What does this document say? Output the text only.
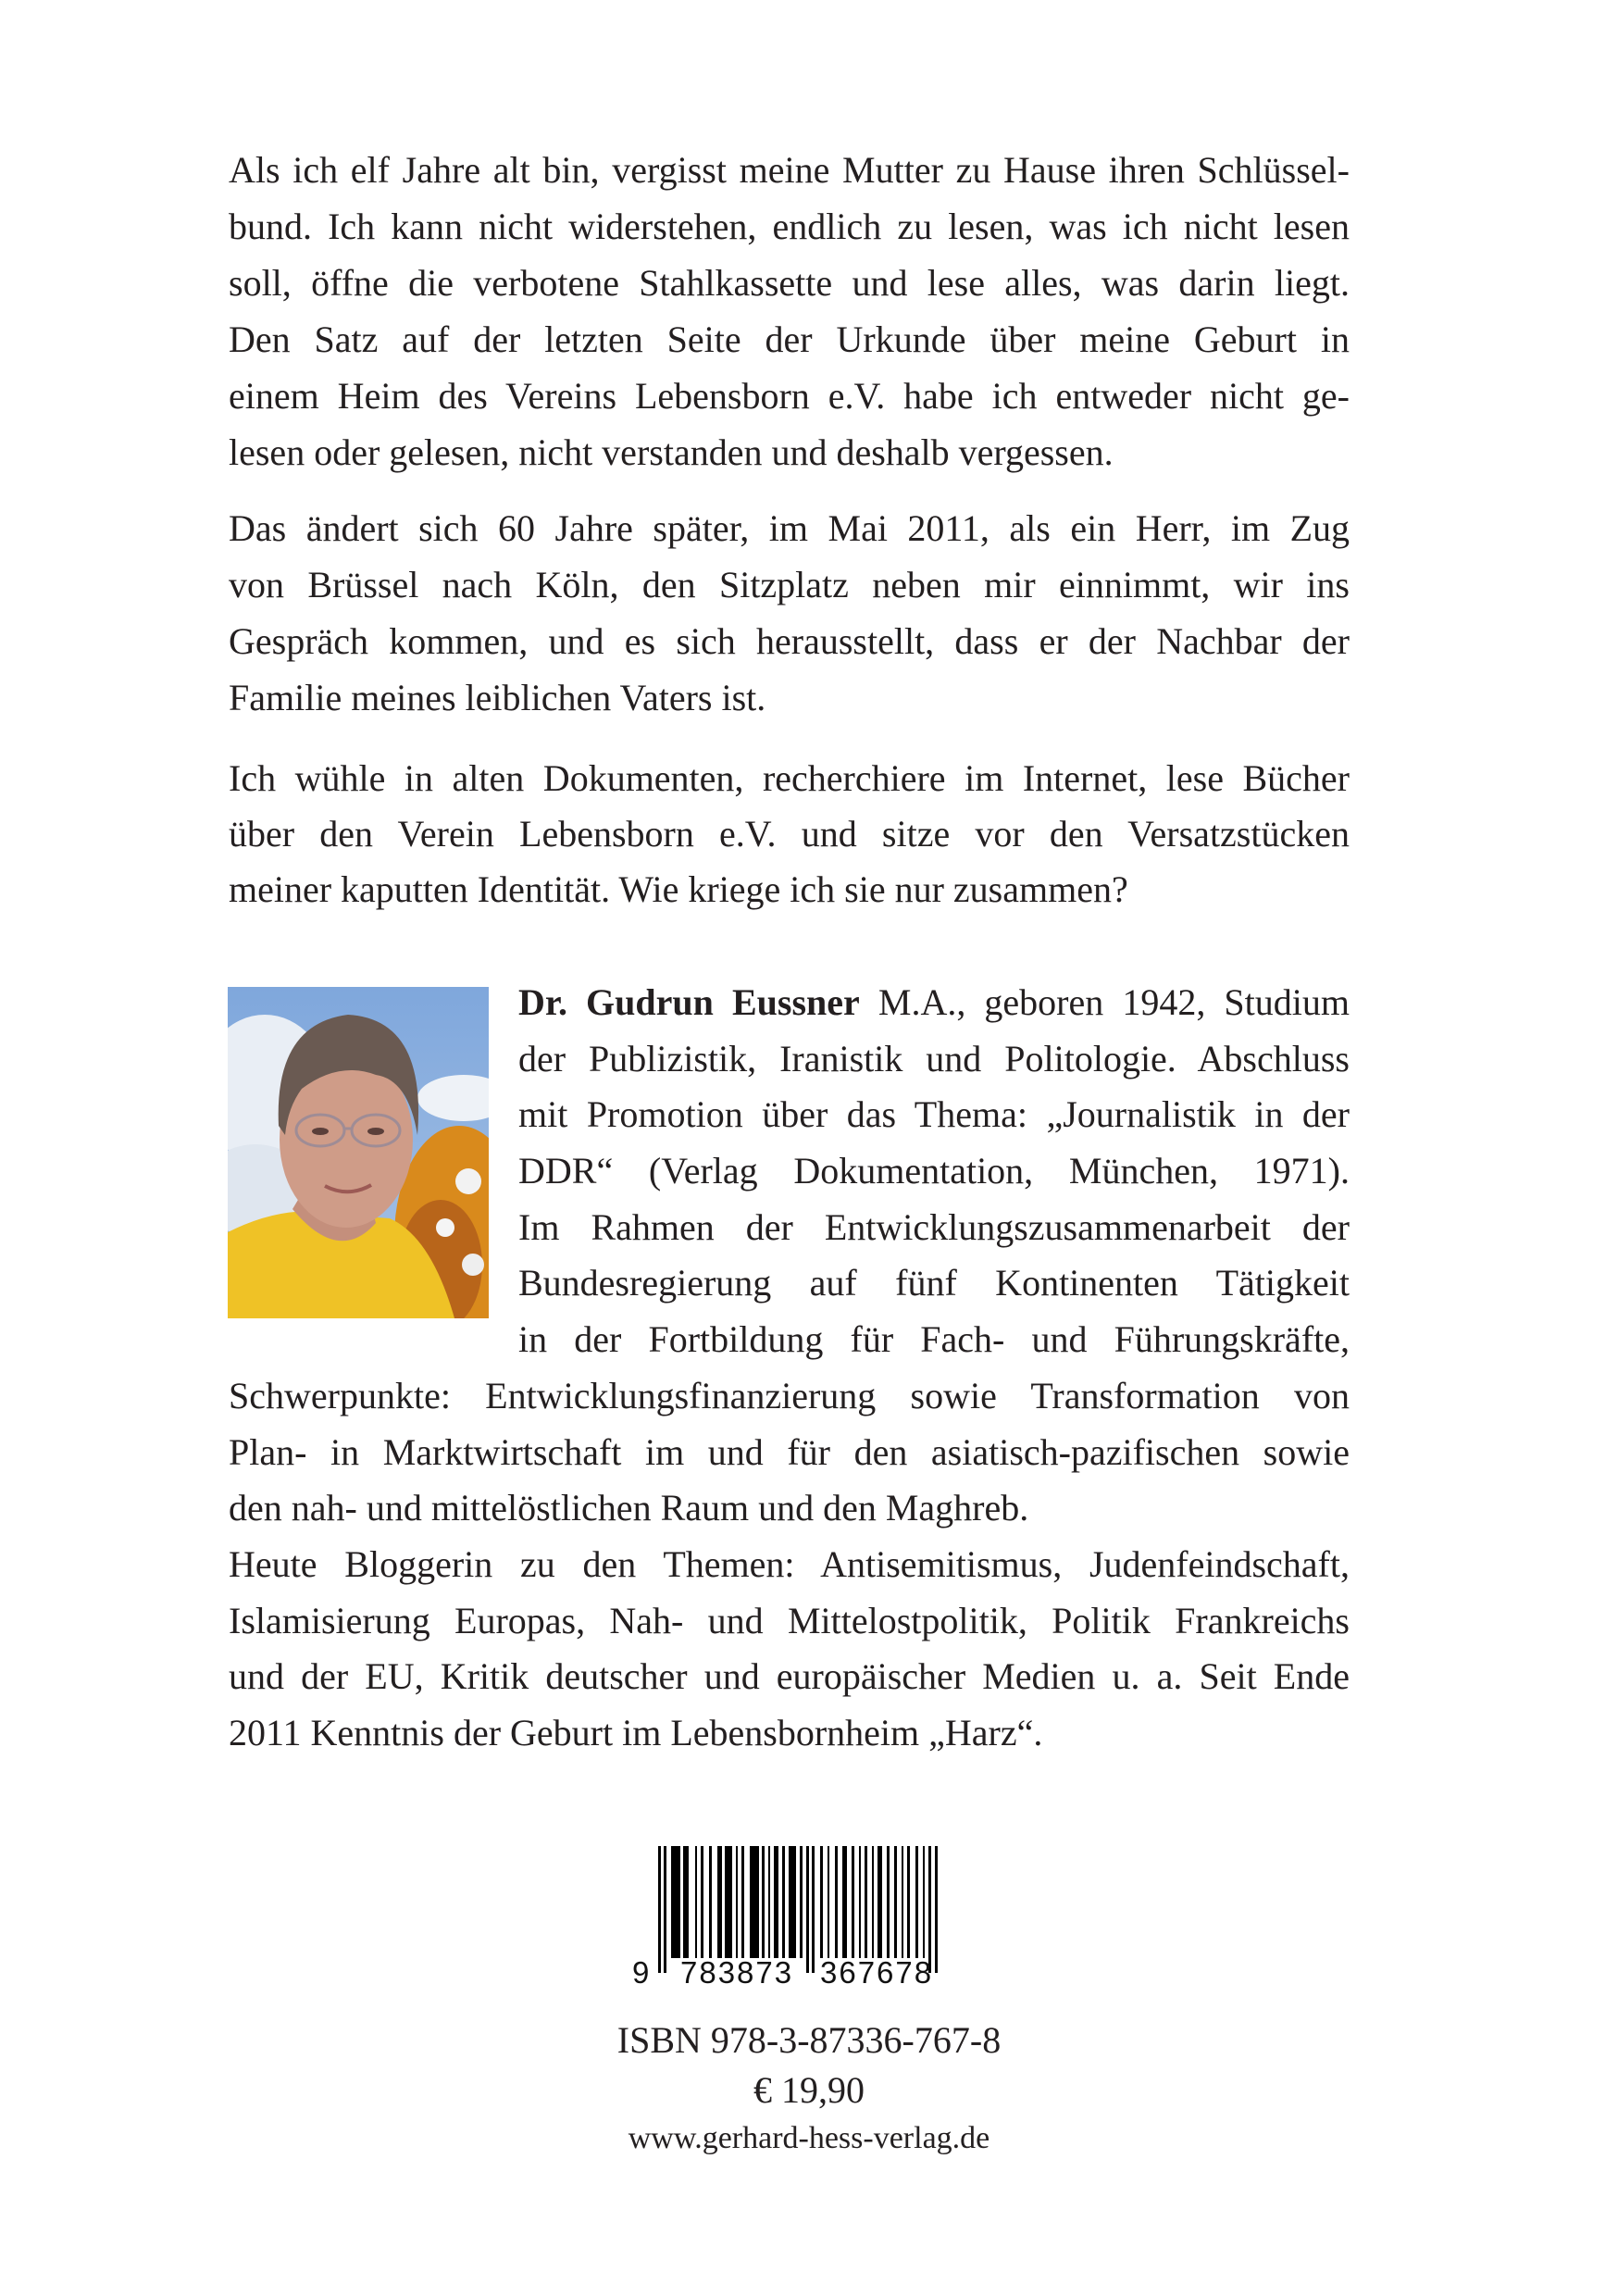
Als ich elf Jahre alt bin, vergisst meine Mutter zu Hause ihren Schlüssel-
bund. Ich kann nicht widerstehen, endlich zu lesen, was ich nicht lesen
soll, öffne die verbotene Stahlkassette und lese alles, was darin liegt.
Den Satz auf der letzten Seite der Urkunde über meine Geburt in
einem Heim des Vereins Lebensborn e.V. habe ich entweder nicht ge-
lesen oder gelesen, nicht verstanden und deshalb vergessen.
Das ändert sich 60 Jahre später, im Mai 2011, als ein Herr, im Zug
von Brüssel nach Köln, den Sitzplatz neben mir einnimmt, wir ins
Gespräch kommen, und es sich herausstellt, dass er der Nachbar der
Familie meines leiblichen Vaters ist.
Ich wühle in alten Dokumenten, recherchiere im Internet, lese Bücher
über den Verein Lebensborn e.V. und sitze vor den Versatzstücken
meiner kaputten Identität. Wie kriege ich sie nur zusammen?
Dr. Gudrun Eussner M.A., geboren 1942, Studium
der Publizistik, Iranistik und Politologie. Abschluss
mit Promotion über das Thema: „Journalistik in der
DDR“ (Verlag Dokumentation, München, 1971).
Im Rahmen der Entwicklungszusammenarbeit der
Bundesregierung auf fünf Kontinenten Tätigkeit
in der Fortbildung für Fach- und Führungskräfte,
Schwerpunkte: Entwicklungsfinanzierung sowie Transformation von
Plan- in Marktwirtschaft im und für den asiatisch-pazifischen sowie
den nah- und mittelöstlichen Raum und den Maghreb.
Heute Bloggerin zu den Themen: Antisemitismus, Judenfeindschaft,
Islamisierung Europas, Nah- und Mittelostpolitik, Politik Frankreichs
und der EU, Kritik deutscher und europäischer Medien u. a. Seit Ende
2011 Kenntnis der Geburt im Lebensbornheim „Harz“.
9 783873 367678
ISBN 978-3-87336-767-8
€ 19,90
www.gerhard-hess-verlag.de
